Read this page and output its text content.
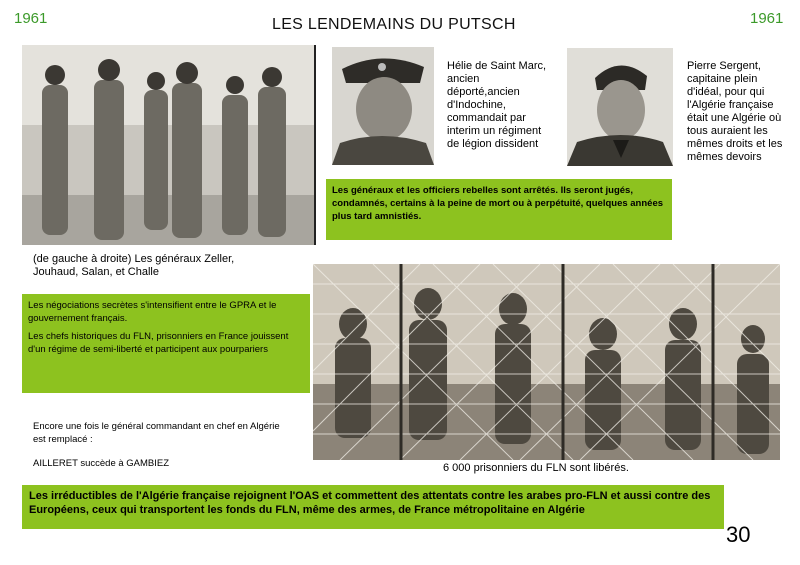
1961	1961
LES LENDEMAINS DU PUTSCH
(de gauche à droite) Les généraux Zeller, Jouhaud, Salan, et Challe
Hélie de Saint Marc, ancien déporté,ancien d'Indochine, commandait par interim un régiment de légion dissident
Pierre Sergent, capitaine plein d'idéal, pour qui l'Algérie française était une Algérie où tous auraient les mêmes droits et les mêmes devoirs

Les généraux et les officiers rebelles sont arrêtés. Ils seront jugés, condamnés, certains à la peine de mort ou à perpétuité, quelques années plus tard amnistiés.

Les négociations secrètes s'intensifient entre le GPRA et le gouvernement français.

Les chefs historiques du FLN, prisonniers en France jouissent d'un régime de semi-liberté et participent aux pourpariers

6 000 prisonniers du FLN sont libérés.
Encore une fois le général commandant en chef en Algérie est remplacé :
AILLERET succède à GAMBIEZ

Les irréductibles de l'Algérie française rejoignent l'OAS et commettent des attentats contre les arabes pro-FLN et aussi contre des Européens, ceux qui transportent les fonds du FLN, même des armes, de France métropolitaine en Algérie

30
